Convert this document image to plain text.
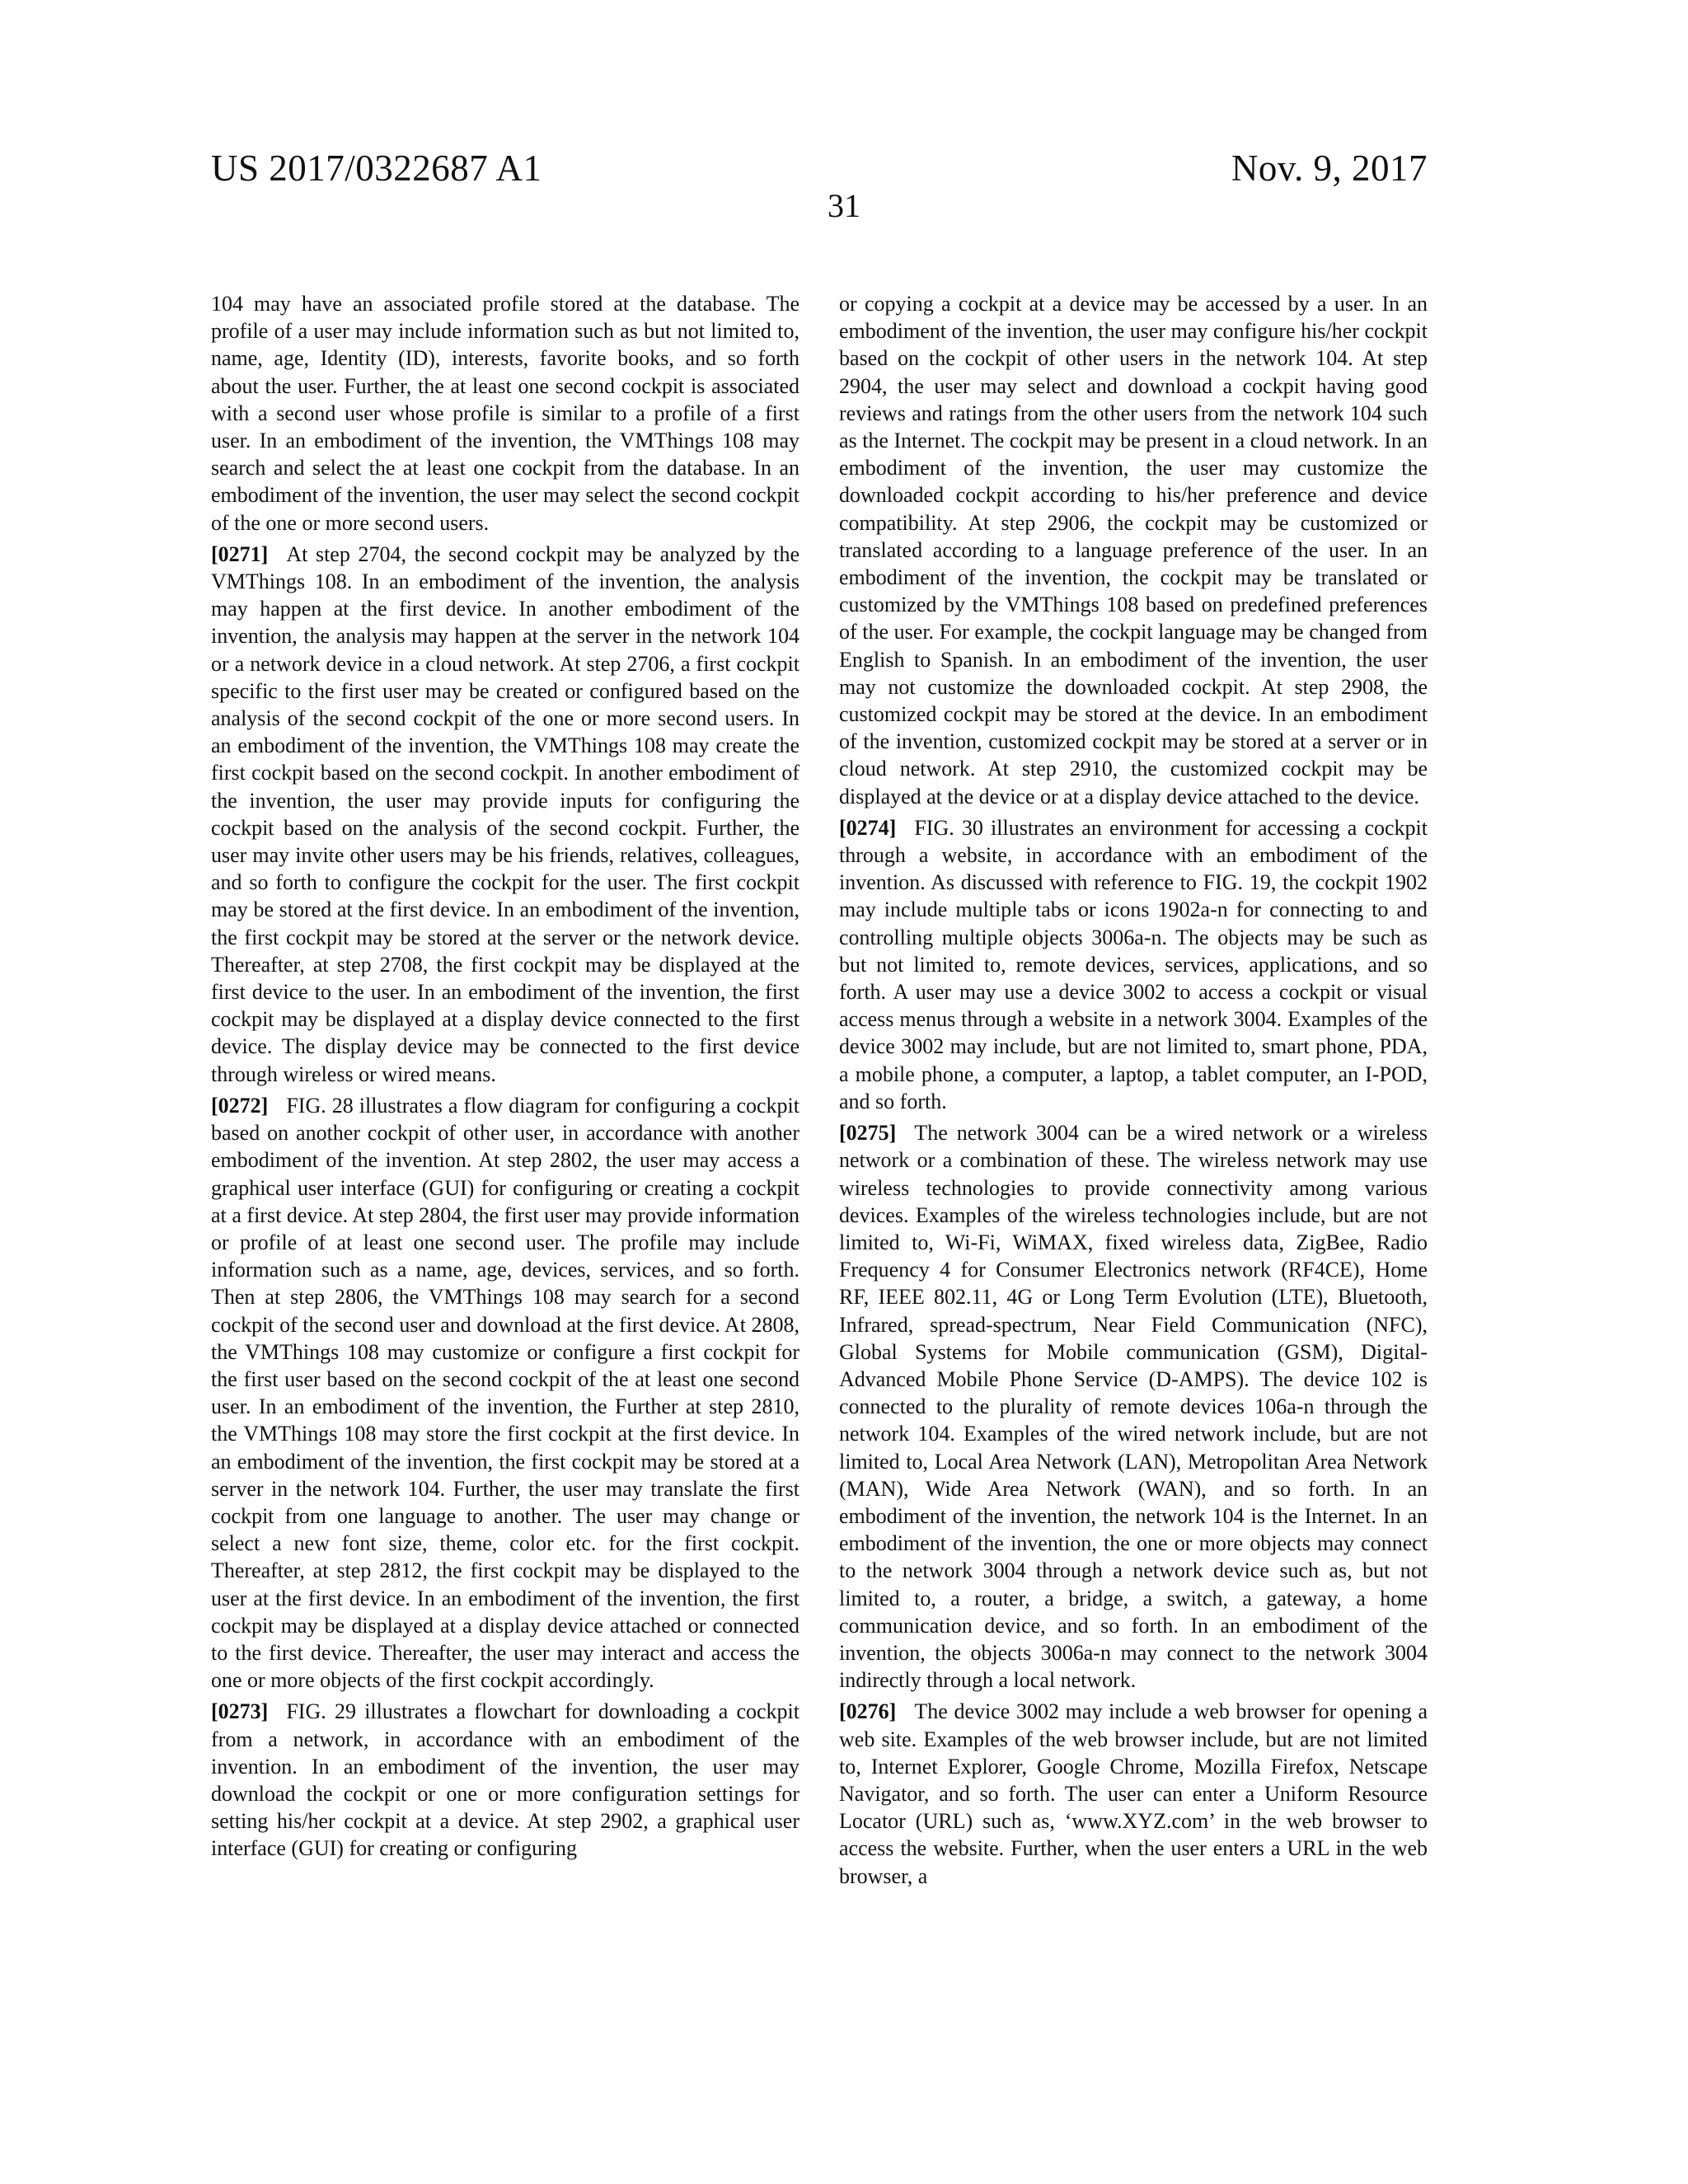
US 2017/0322687 A1	Nov. 9, 2017
31

104 may have an associated profile stored at the database. The profile of a user may include information such as but not limited to, name, age, Identity (ID), interests, favorite books, and so forth about the user. Further, the at least one second cockpit is associated with a second user whose profile is similar to a profile of a first user. In an embodiment of the invention, the VMThings 108 may search and select the at least one cockpit from the database. In an embodiment of the invention, the user may select the second cockpit of the one or more second users.

[0271] At step 2704, the second cockpit may be analyzed by the VMThings 108. In an embodiment of the invention, the analysis may happen at the first device. In another embodiment of the invention, the analysis may happen at the server in the network 104 or a network device in a cloud network. At step 2706, a first cockpit specific to the first user may be created or configured based on the analysis of the second cockpit of the one or more second users. In an embodiment of the invention, the VMThings 108 may create the first cockpit based on the second cockpit. In another embodiment of the invention, the user may provide inputs for configuring the cockpit based on the analysis of the second cockpit. Further, the user may invite other users may be his friends, relatives, colleagues, and so forth to configure the cockpit for the user. The first cockpit may be stored at the first device. In an embodiment of the invention, the first cockpit may be stored at the server or the network device. Thereafter, at step 2708, the first cockpit may be displayed at the first device to the user. In an embodiment of the invention, the first cockpit may be displayed at a display device connected to the first device. The display device may be connected to the first device through wireless or wired means.

[0272] FIG. 28 illustrates a flow diagram for configuring a cockpit based on another cockpit of other user, in accordance with another embodiment of the invention. At step 2802, the user may access a graphical user interface (GUI) for configuring or creating a cockpit at a first device. At step 2804, the first user may provide information or profile of at least one second user. The profile may include information such as a name, age, devices, services, and so forth. Then at step 2806, the VMThings 108 may search for a second cockpit of the second user and download at the first device. At 2808, the VMThings 108 may customize or configure a first cockpit for the first user based on the second cockpit of the at least one second user. In an embodiment of the invention, the Further at step 2810, the VMThings 108 may store the first cockpit at the first device. In an embodiment of the invention, the first cockpit may be stored at a server in the network 104. Further, the user may translate the first cockpit from one language to another. The user may change or select a new font size, theme, color etc. for the first cockpit. Thereafter, at step 2812, the first cockpit may be displayed to the user at the first device. In an embodiment of the invention, the first cockpit may be displayed at a display device attached or connected to the first device. Thereafter, the user may interact and access the one or more objects of the first cockpit accordingly.

[0273] FIG. 29 illustrates a flowchart for downloading a cockpit from a network, in accordance with an embodiment of the invention. In an embodiment of the invention, the user may download the cockpit or one or more configuration settings for setting his/her cockpit at a device. At step 2902, a graphical user interface (GUI) for creating or configuring

or copying a cockpit at a device may be accessed by a user. In an embodiment of the invention, the user may configure his/her cockpit based on the cockpit of other users in the network 104. At step 2904, the user may select and download a cockpit having good reviews and ratings from the other users from the network 104 such as the Internet. The cockpit may be present in a cloud network. In an embodiment of the invention, the user may customize the downloaded cockpit according to his/her preference and device compatibility. At step 2906, the cockpit may be customized or translated according to a language preference of the user. In an embodiment of the invention, the cockpit may be translated or customized by the VMThings 108 based on predefined preferences of the user. For example, the cockpit language may be changed from English to Spanish. In an embodiment of the invention, the user may not customize the downloaded cockpit. At step 2908, the customized cockpit may be stored at the device. In an embodiment of the invention, customized cockpit may be stored at a server or in cloud network. At step 2910, the customized cockpit may be displayed at the device or at a display device attached to the device.

[0274] FIG. 30 illustrates an environment for accessing a cockpit through a website, in accordance with an embodiment of the invention. As discussed with reference to FIG. 19, the cockpit 1902 may include multiple tabs or icons 1902a-n for connecting to and controlling multiple objects 3006a-n. The objects may be such as but not limited to, remote devices, services, applications, and so forth. A user may use a device 3002 to access a cockpit or visual access menus through a website in a network 3004. Examples of the device 3002 may include, but are not limited to, smart phone, PDA, a mobile phone, a computer, a laptop, a tablet computer, an I-POD, and so forth.

[0275] The network 3004 can be a wired network or a wireless network or a combination of these. The wireless network may use wireless technologies to provide connectivity among various devices. Examples of the wireless technologies include, but are not limited to, Wi-Fi, WiMAX, fixed wireless data, ZigBee, Radio Frequency 4 for Consumer Electronics network (RF4CE), Home RF, IEEE 802.11, 4G or Long Term Evolution (LTE), Bluetooth, Infrared, spread-spectrum, Near Field Communication (NFC), Global Systems for Mobile communication (GSM), Digital-Advanced Mobile Phone Service (D-AMPS). The device 102 is connected to the plurality of remote devices 106a-n through the network 104. Examples of the wired network include, but are not limited to, Local Area Network (LAN), Metropolitan Area Network (MAN), Wide Area Network (WAN), and so forth. In an embodiment of the invention, the network 104 is the Internet. In an embodiment of the invention, the one or more objects may connect to the network 3004 through a network device such as, but not limited to, a router, a bridge, a switch, a gateway, a home communication device, and so forth. In an embodiment of the invention, the objects 3006a-n may connect to the network 3004 indirectly through a local network.

[0276] The device 3002 may include a web browser for opening a web site. Examples of the web browser include, but are not limited to, Internet Explorer, Google Chrome, Mozilla Firefox, Netscape Navigator, and so forth. The user can enter a Uniform Resource Locator (URL) such as, ‘www.XYZ.com’ in the web browser to access the website. Further, when the user enters a URL in the web browser, a
